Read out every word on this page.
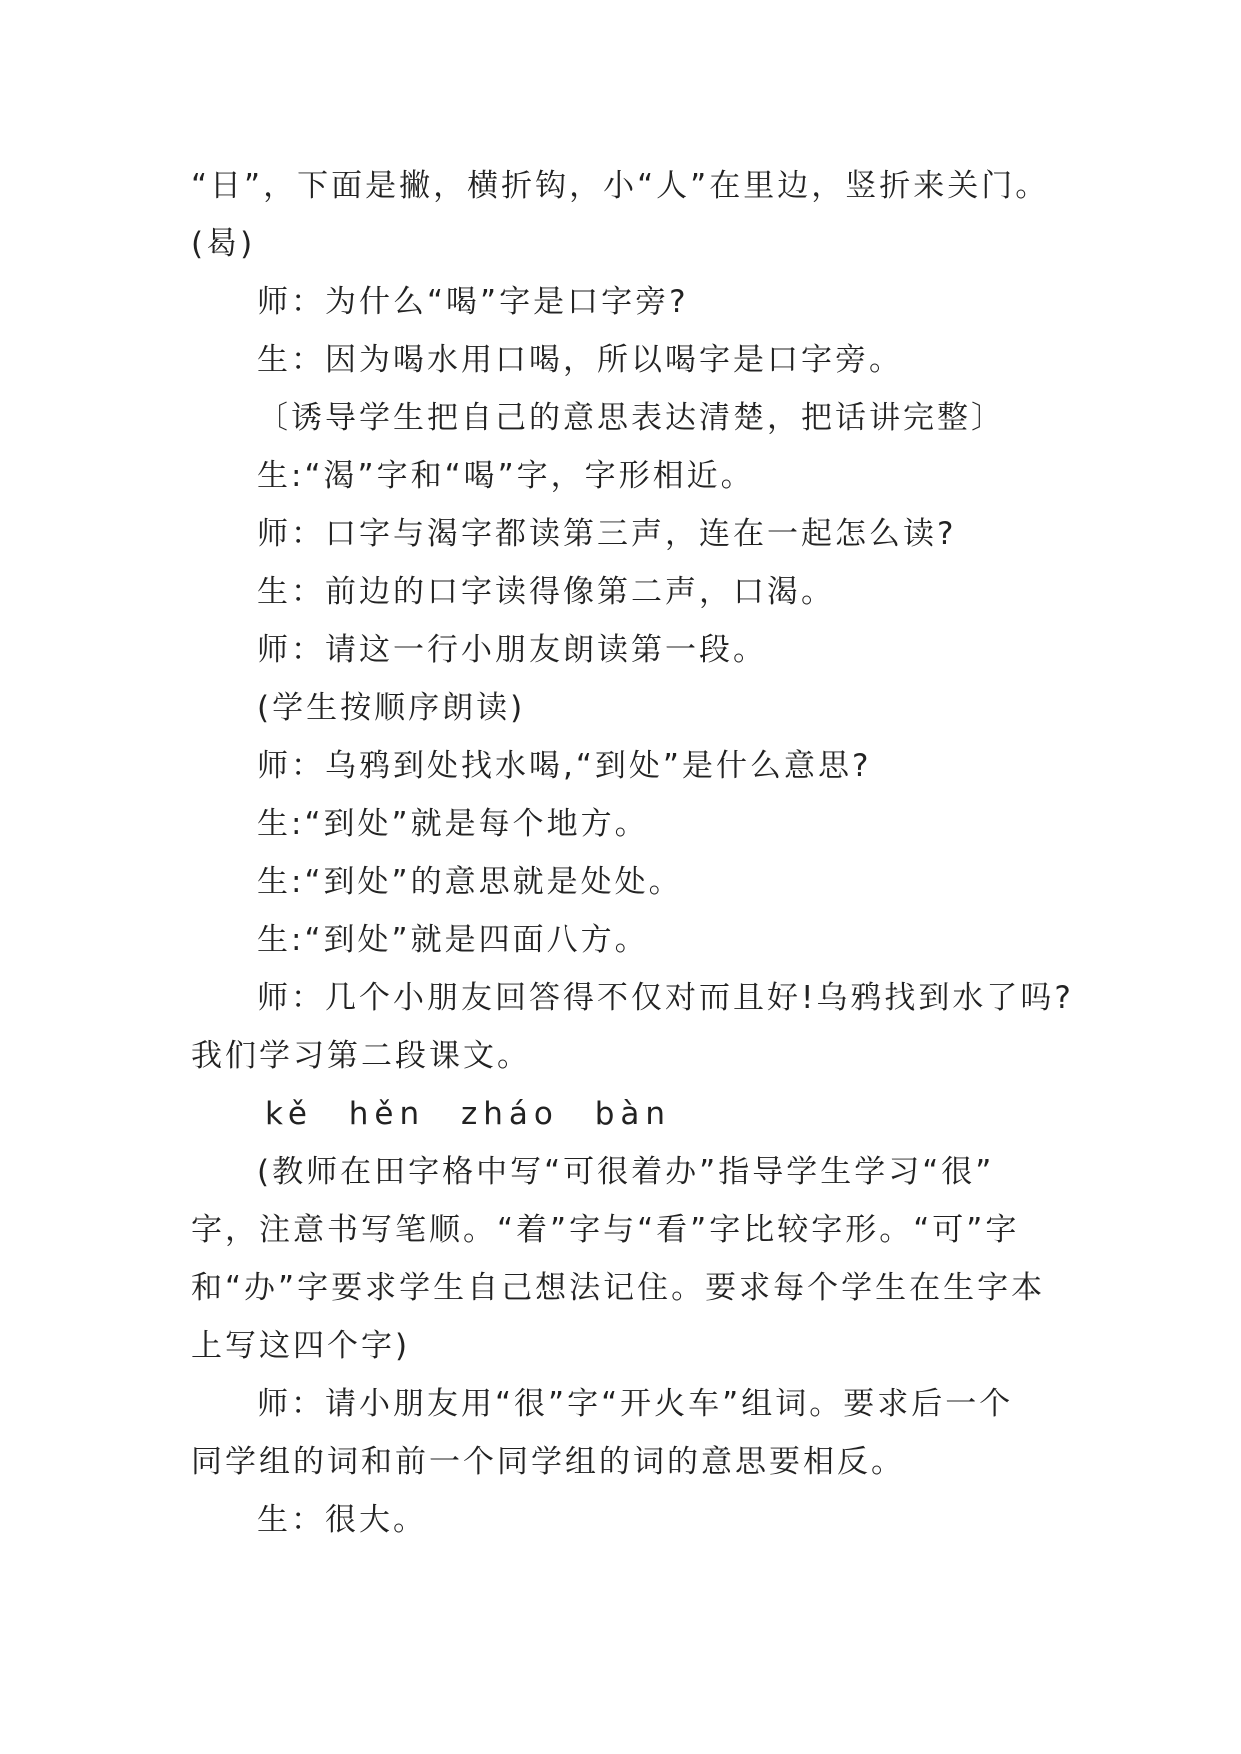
“日”，下面是撇，横折钩，小“人”在里边，竖折来关门。
(曷)
师：为什么“喝”字是口字旁?
生：因为喝水用口喝，所以喝字是口字旁。
〔诱导学生把自己的意思表达清楚，把话讲完整〕
生:“渴”字和“喝”字，字形相近。
师：口字与渴字都读第三声，连在一起怎么读?
生：前边的口字读得像第二声，口渴。
师：请这一行小朋友朗读第一段。
(学生按顺序朗读)
师：乌鸦到处找水喝,“到处”是什么意思?
生:“到处”就是每个地方。
生:“到处”的意思就是处处。
生:“到处”就是四面八方。
师：几个小朋友回答得不仅对而且好!乌鸦找到水了吗?
我们学习第二段课文。
kě hěn zháo bàn
(教师在田字格中写“可很着办”指导学生学习“很”
字，注意书写笔顺。“着”字与“看”字比较字形。“可”字
和“办”字要求学生自己想法记住。要求每个学生在生字本
上写这四个字)
师：请小朋友用“很”字“开火车”组词。要求后一个
同学组的词和前一个同学组的词的意思要相反。
生：很大。
